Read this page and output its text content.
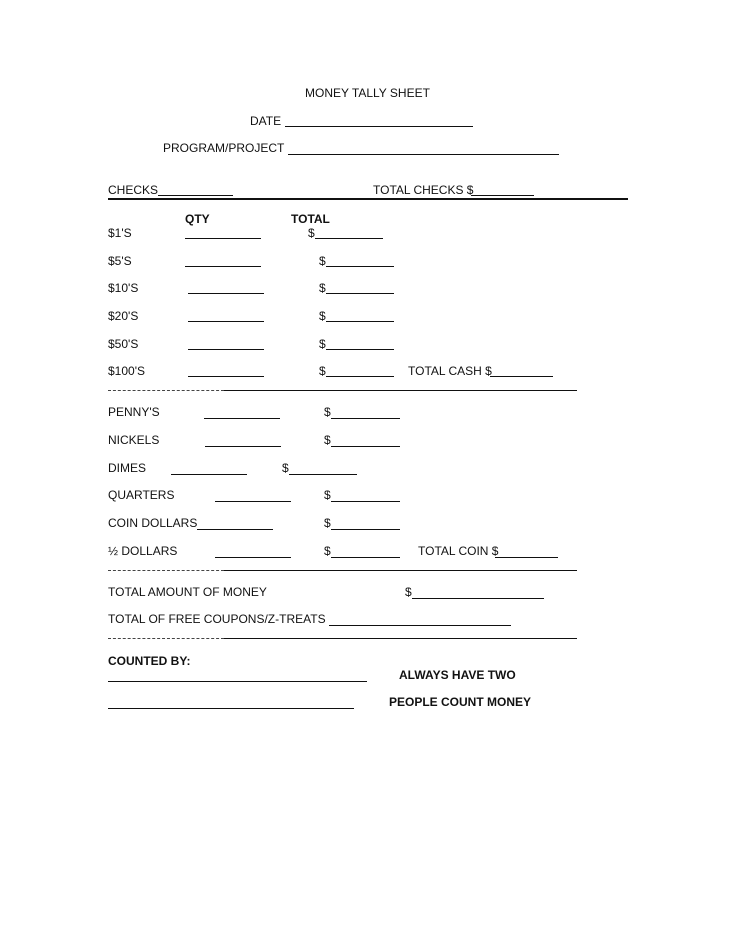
MONEY TALLY SHEET
DATE
PROGRAM/PROJECT
CHECKS	TOTAL CHECKS $
QTY	TOTAL
$1'S	$
$5'S	$
$10'S	$
$20'S	$
$50'S	$
$100'S	$	TOTAL CASH $
PENNY'S	$
NICKELS	$
DIMES	$
QUARTERS	$
COIN DOLLARS	$
½ DOLLARS	$	TOTAL COIN $
TOTAL AMOUNT OF MONEY	$
TOTAL OF FREE COUPONS/Z-TREATS
COUNTED BY:
ALWAYS HAVE TWO
PEOPLE COUNT MONEY
